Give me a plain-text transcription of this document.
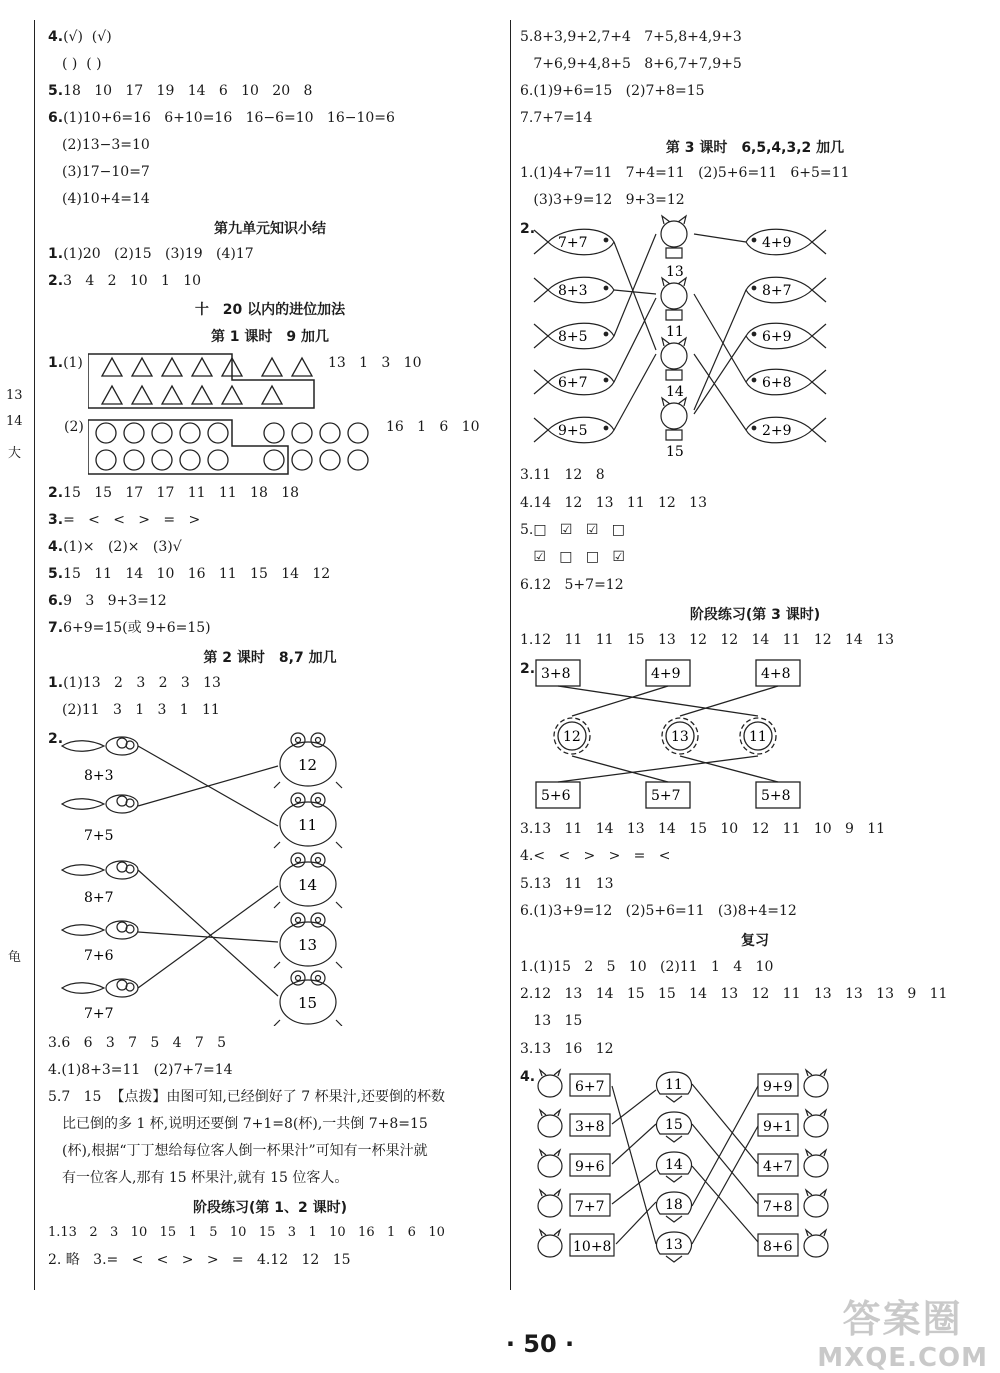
13
14
大
龟
4.(√)  (√)
( )  ( )
5.18   10   17   19   14   6   10   20   8
6.(1)10+6=16   6+10=16   16−6=10   16−10=6
(2)13−3=10
(3)17−10=7
(4)10+4=14
第九单元知识小结
1.(1)20   (2)15   (3)19   (4)17
2.3   4   2   10   1   10
十　20 以内的进位加法
第 1 课时　9 加几
1.(1)	13   1   3   10
(2)	16   1   6   10
2.15   15   17   17   11   11   18   18
3.=   <   <   >   =   >
4.(1)×   (2)×   (3)√
5.15   11   14   10   16   11   15   14   12
6.9   3   9+3=12
7.6+9=15(或 9+6=15)
第 2 课时　8,7 加几
1.(1)13   2   3   2   3   13
(2)11   3   1   3   1   11
2.
8+3
7+5
8+7
7+6
7+7
12
11
14
13
15
3.6   6   3   7   5   4   7   5
4.(1)8+3=11   (2)7+7=14
5.7   15  【点拨】由图可知,已经倒好了 7 杯果汁,还要倒的杯数
比已倒的多 1 杯,说明还要倒 7+1=8(杯),一共倒 7+8=15
(杯),根据“丁丁想给每位客人倒一杯果汁”可知有一杯果汁就
有一位客人,那有 15 杯果汁,就有 15 位客人。
阶段练习(第 1、2 课时)
1.13   2   3   10   15   1   5   10   15   3   1   10   16   1   6   10
2. 略   3.=   <   <   >   >   =   4.12   12   15
5.8+3,9+2,7+4   7+5,8+4,9+3
7+6,9+4,8+5   8+6,7+7,9+5
6.(1)9+6=15   (2)7+8=15
7.7+7=14
第 3 课时　6,5,4,3,2 加几
1.(1)4+7=11   7+4=11   (2)5+6=11   6+5=11
(3)3+9=12   9+3=12
2.
7+7
8+3
8+5
6+7
9+5
13
11
14
15
4+9
8+7
6+9
6+8
2+9
3.11   12   8
4.14   12   13   11   12   13
5.□   ☑   ☑   □
☑   □   □   ☑
6.12   5+7=12
阶段练习(第 3 课时)
1.12   11   11   15   13   12   12   14   11   12   14   13
2. 3+8	4+9	4+8
12	13	11
5+6	5+7	5+8
3.13   11   14   13   14   15   10   12   11   10   9   11
4.<   <   >   >   =   <
5.13   11   13
6.(1)3+9=12   (2)5+6=11   (3)8+4=12
复习
1.(1)15   2   5   10   (2)11   1   4   10
2.12   13   14   15   15   14   13   12   11   13   13   13   9   11
13   15
3.13   16   12
4.
6+7
3+8
9+6
7+7
10+8
11
15
14
18
13
9+9
9+1
4+7
7+8
8+6
· 50 ·
答案圈
MXQE.COM
